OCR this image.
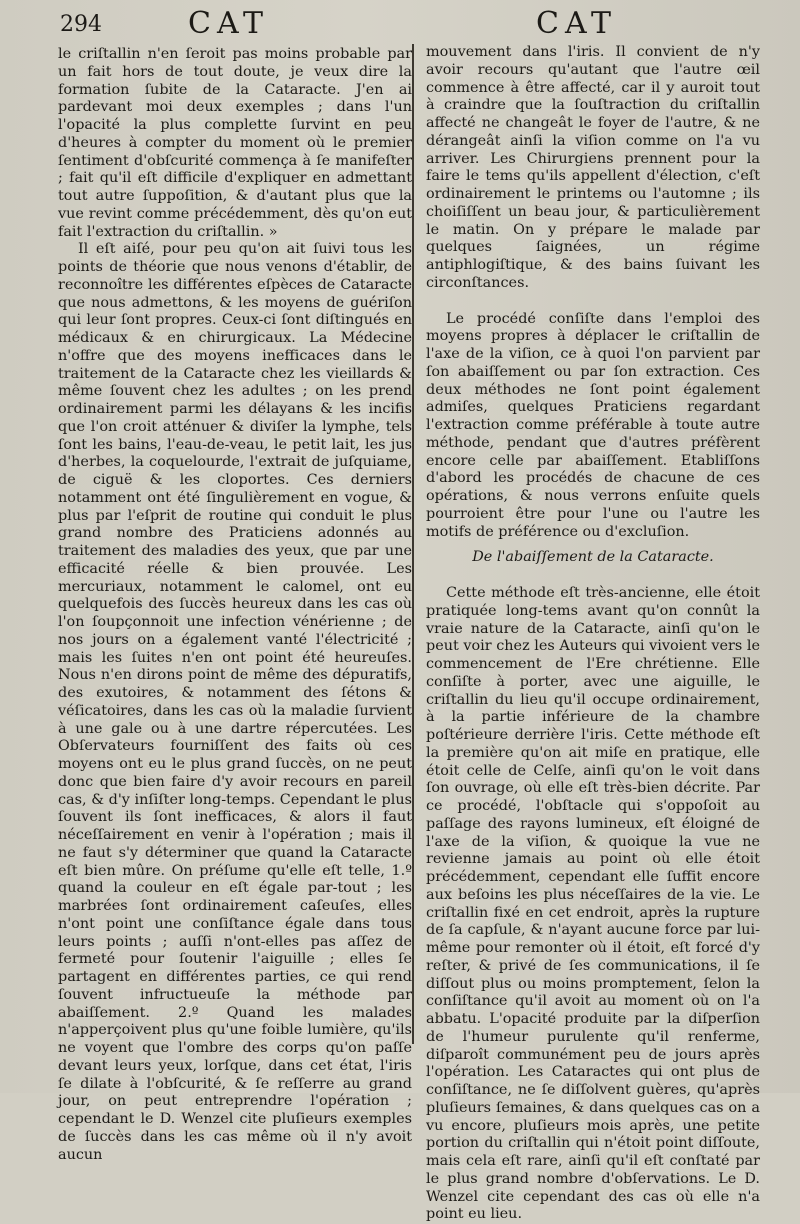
294	CAT	CAT

le criſtallin n'en ſeroit pas moins probable par un fait hors de tout doute, je veux dire la formation ſubite de la Cataracte. J'en ai pardevant moi deux exemples ; dans l'un l'opacité la plus complette ſurvint en peu d'heures à compter du moment où le premier ſentiment d'obſcurité commença à ſe manifeſter ; fait qu'il eſt difficile d'expliquer en admettant tout autre ſuppoſition, & d'autant plus que la vue revint comme précédemment, dès qu'on eut fait l'extraction du criſtallin. »

Il eſt aiſé, pour peu qu'on ait ſuivi tous les points de théorie que nous venons d'établir, de reconnoître les différentes eſpèces de Cataracte que nous admettons, & les moyens de guériſon qui leur ſont propres. Ceux-ci ſont diſtingués en médicaux & en chirurgicaux. La Médecine n'offre que des moyens inefficaces dans le traitement de la Cataracte chez les vieillards & même ſouvent chez les adultes ; on les prend ordinairement parmi les délayans & les incifis que l'on croit atténuer & diviſer la lymphe, tels ſont les bains, l'eau-de-veau, le petit lait, les jus d'herbes, la coquelourde, l'extrait de juſquiame, de ciguë & les cloportes. Ces derniers notamment ont été ſingulièrement en vogue, & plus par l'eſprit de routine qui conduit le plus grand nombre des Praticiens adonnés au traitement des maladies des yeux, que par une efficacité réelle & bien prouvée. Les mercuriaux, notamment le calomel, ont eu quelquefois des ſuccès heureux dans les cas où l'on ſoupçonnoit une infection vénérienne ; de nos jours on a également vanté l'électricité ; mais les ſuites n'en ont point été heureuſes. Nous n'en dirons point de même des dépuratifs, des exutoires, & notamment des ſétons & véſicatoires, dans les cas où la maladie ſurvient à une gale ou à une dartre répercutées. Les Obſervateurs fourniſſent des faits où ces moyens ont eu le plus grand ſuccès, on ne peut donc que bien faire d'y avoir recours en pareil cas, & d'y inſiſter long-temps. Cependant le plus ſouvent ils ſont inefficaces, & alors il faut néceſſairement en venir à l'opération ; mais il ne faut s'y déterminer que quand la Cataracte eſt bien mûre. On préſume qu'elle eſt telle, 1.º quand la couleur en eſt égale par-tout ; les marbrées ſont ordinairement caſeuſes, elles n'ont point une conſiſtance égale dans tous leurs points ; auſſi n'ont-elles pas aſſez de fermeté pour ſoutenir l'aiguille ; elles ſe partagent en différentes parties, ce qui rend ſouvent infructueuſe la méthode par abaiſſement. 2.º Quand les malades n'apperçoivent plus qu'une foible lumière, qu'ils ne voyent que l'ombre des corps qu'on paſſe devant leurs yeux, lorſque, dans cet état, l'iris ſe dilate à l'obſcurité, & ſe reſſerre au grand jour, on peut entreprendre l'opération ; cependant le D. Wenzel cite pluſieurs exemples de ſuccès dans les cas même où il n'y avoit aucun

mouvement dans l'iris. Il convient de n'y avoir recours qu'autant que l'autre œil commence à être affecté, car il y auroit tout à craindre que la ſouſtraction du criſtallin affecté ne changeât le foyer de l'autre, & ne dérangeât ainſi la viſion comme on l'a vu arriver. Les Chirurgiens prennent pour la faire le tems qu'ils appellent d'élection, c'eſt ordinairement le printems ou l'automne ; ils choiſiſſent un beau jour, & particulièrement le matin. On y prépare le malade par quelques ſaignées, un régime antiphlogiſtique, & des bains ſuivant les circonſtances.

Le procédé conſiſte dans l'emploi des moyens propres à déplacer le criſtallin de l'axe de la viſion, ce à quoi l'on parvient par ſon abaiſſement ou par ſon extraction. Ces deux méthodes ne ſont point également admiſes, quelques Praticiens regardant l'extraction comme préférable à toute autre méthode, pendant que d'autres préfèrent encore celle par abaiſſement. Etabliſſons d'abord les procédés de chacune de ces opérations, & nous verrons enſuite quels pourroient être pour l'une ou l'autre les motifs de préférence ou d'excluſion.

De l'abaiſſement de la Cataracte.

Cette méthode eſt très-ancienne, elle étoit pratiquée long-tems avant qu'on connût la vraie nature de la Cataracte, ainſi qu'on le peut voir chez les Auteurs qui vivoient vers le commencement de l'Ere chrétienne. Elle conſiſte à porter, avec une aiguille, le criſtallin du lieu qu'il occupe ordinairement, à la partie inférieure de la chambre poſtérieure derrière l'iris. Cette méthode eſt la première qu'on ait miſe en pratique, elle étoit celle de Celſe, ainſi qu'on le voit dans ſon ouvrage, où elle eſt très-bien décrite. Par ce procédé, l'obſtacle qui s'oppoſoit au paſſage des rayons lumineux, eſt éloigné de l'axe de la viſion, & quoique la vue ne revienne jamais au point où elle étoit précédemment, cependant elle ſuffit encore aux beſoins les plus néceſſaires de la vie. Le criſtallin fixé en cet endroit, après la rupture de ſa capſule, & n'ayant aucune force par lui-même pour remonter où il étoit, eſt forcé d'y reſter, & privé de ſes communications, il ſe diſſout plus ou moins promptement, ſelon la conſiſtance qu'il avoit au moment où on l'a abbatu. L'opacité produite par la diſperſion de l'humeur purulente qu'il renferme, diſparoît communément peu de jours après l'opération. Les Cataractes qui ont plus de conſiſtance, ne ſe diſſolvent guères, qu'après pluſieurs ſemaines, & dans quelques cas on a vu encore, pluſieurs mois après, une petite portion du criſtallin qui n'étoit point diſſoute, mais cela eſt rare, ainſi qu'il eſt conſtaté par le plus grand nombre d'obſervations. Le D. Wenzel cite cependant des cas où elle n'a point eu lieu.
